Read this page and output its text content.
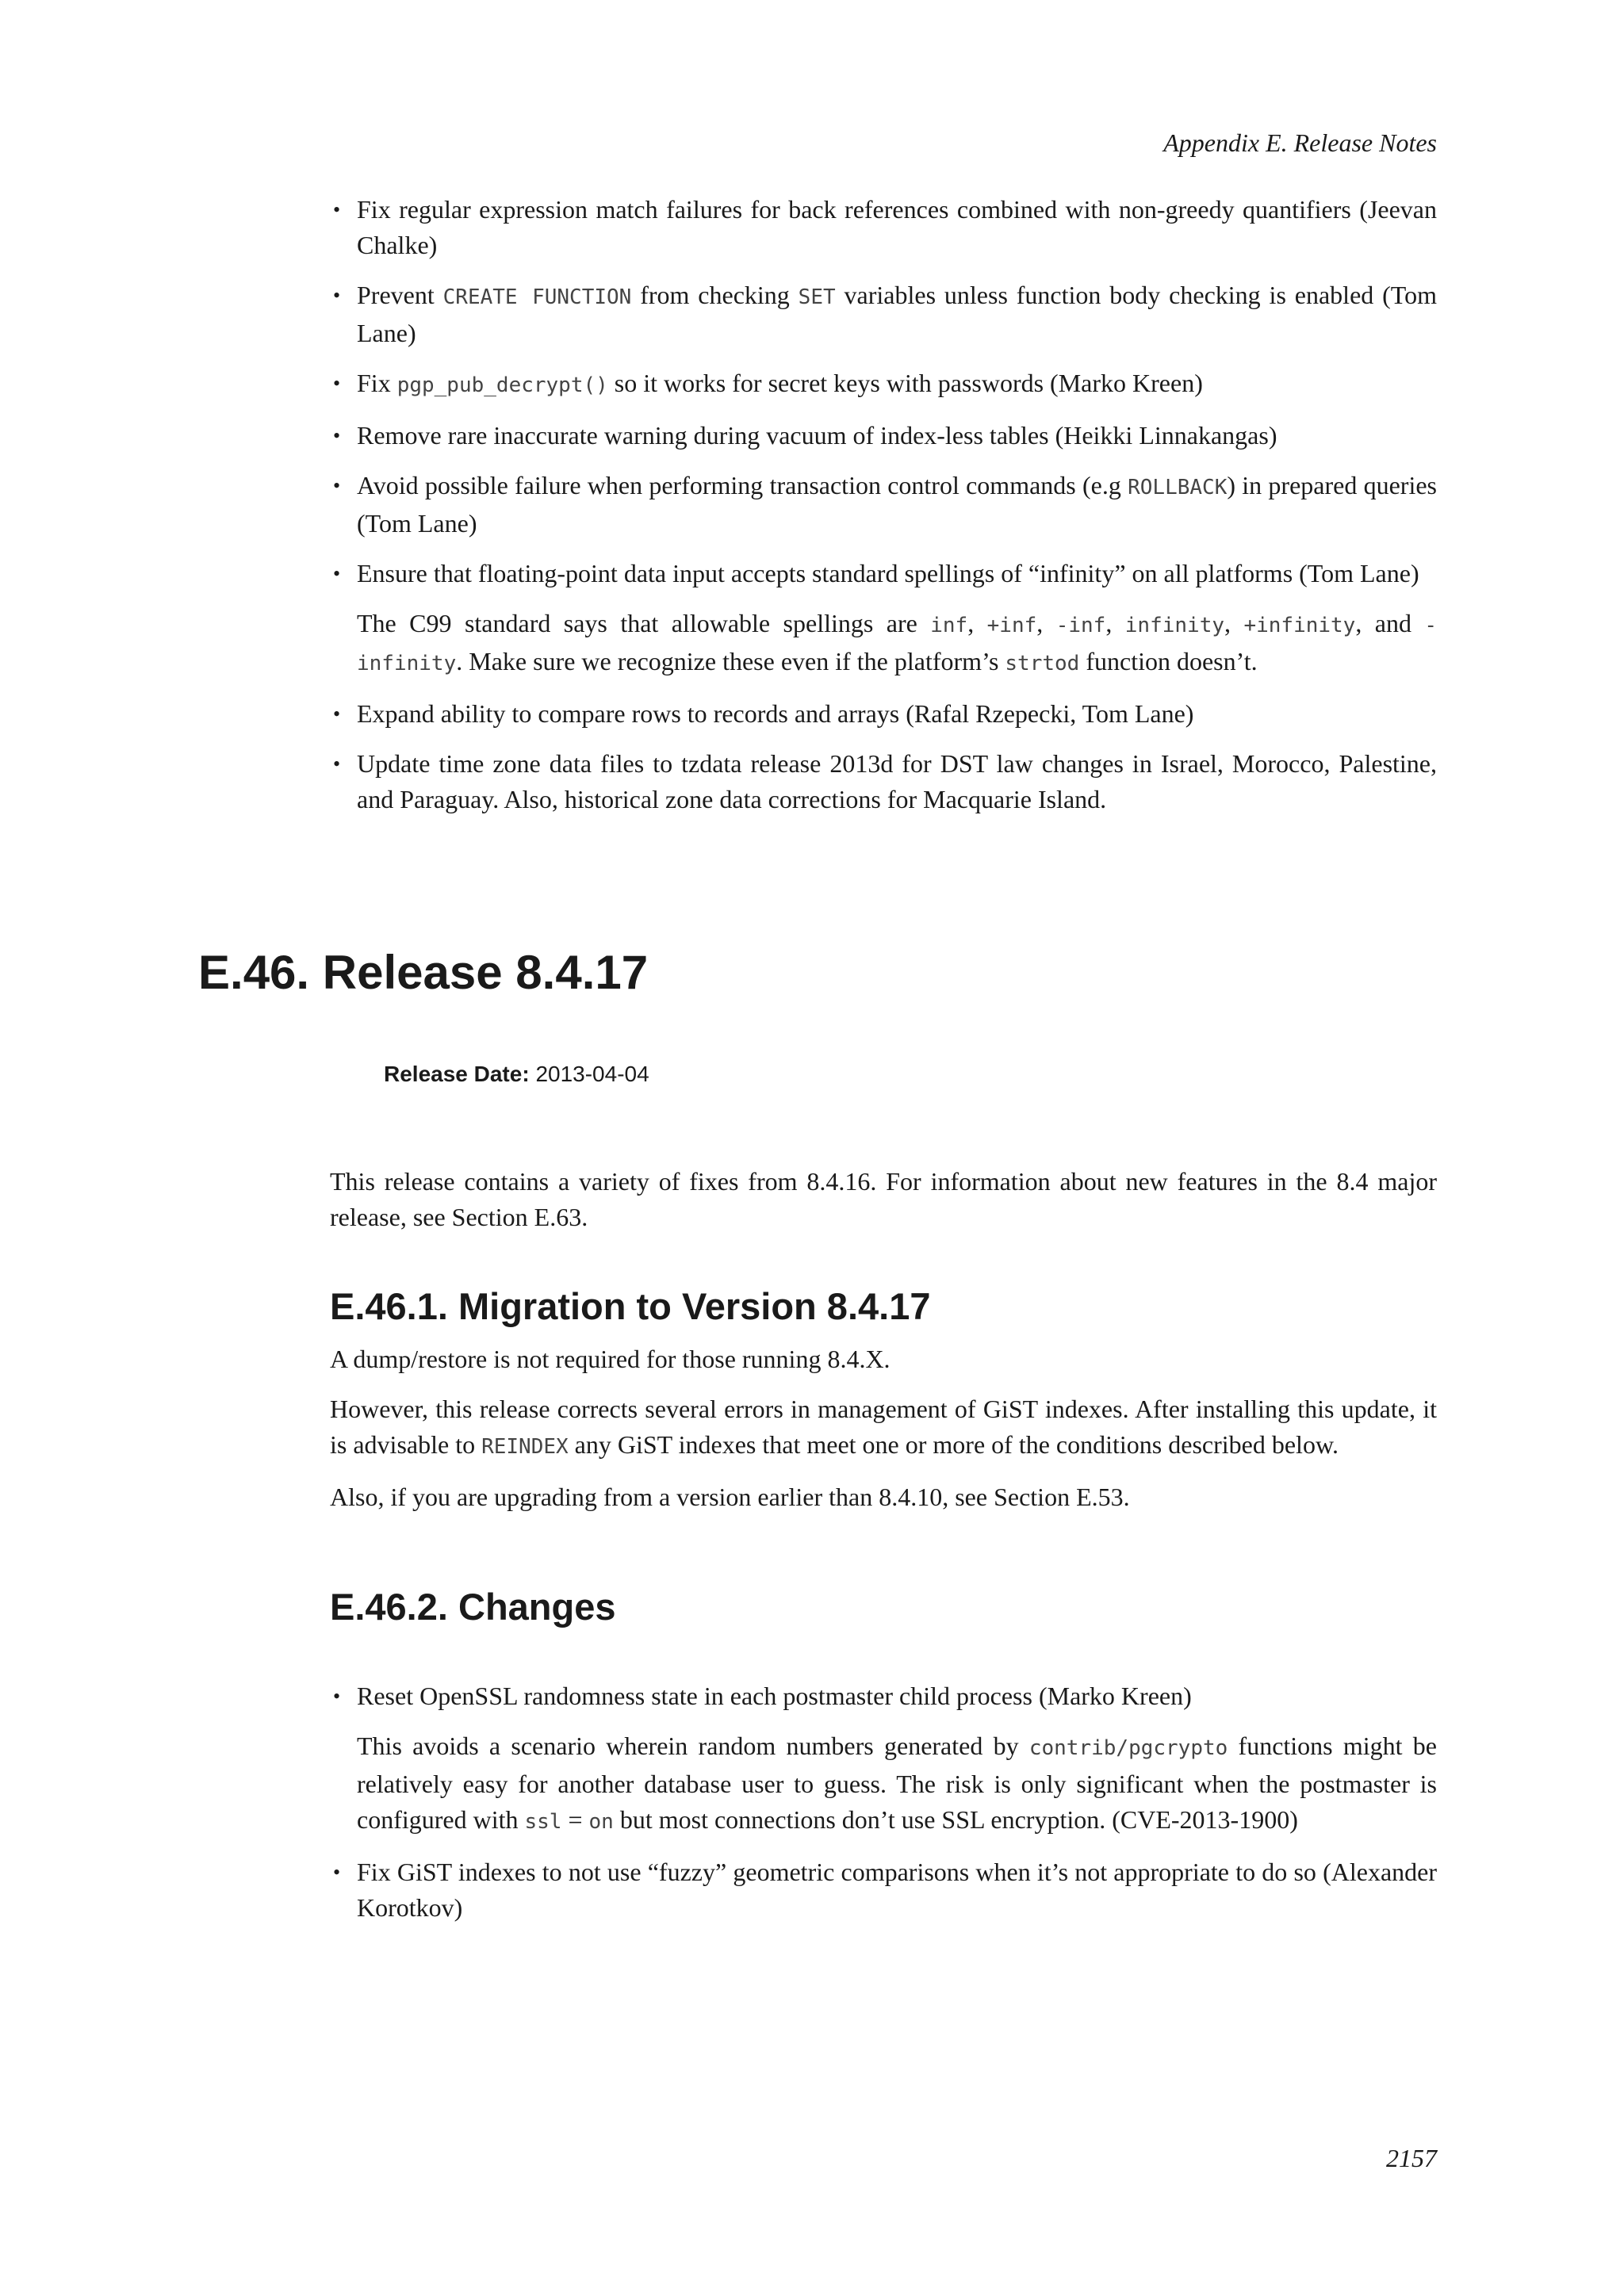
Appendix E. Release Notes
• Fix regular expression match failures for back references combined with non-greedy quantifiers (Jeevan Chalke)
• Prevent CREATE FUNCTION from checking SET variables unless function body checking is enabled (Tom Lane)
• Fix pgp_pub_decrypt() so it works for secret keys with passwords (Marko Kreen)
• Remove rare inaccurate warning during vacuum of index-less tables (Heikki Linnakangas)
• Avoid possible failure when performing transaction control commands (e.g ROLLBACK) in prepared queries (Tom Lane)
• Ensure that floating-point data input accepts standard spellings of “infinity” on all platforms (Tom Lane)

The C99 standard says that allowable spellings are inf, +inf, -inf, infinity, +infinity, and -infinity. Make sure we recognize these even if the platform’s strtod function doesn’t.

• Expand ability to compare rows to records and arrays (Rafal Rzepecki, Tom Lane)
• Update time zone data files to tzdata release 2013d for DST law changes in Israel, Morocco, Palestine, and Paraguay. Also, historical zone data corrections for Macquarie Island.
E.46. Release 8.4.17
Release Date: 2013-04-04

This release contains a variety of fixes from 8.4.16. For information about new features in the 8.4 major release, see Section E.63.

E.46.1. Migration to Version 8.4.17

A dump/restore is not required for those running 8.4.X.

However, this release corrects several errors in management of GiST indexes. After installing this update, it is advisable to REINDEX any GiST indexes that meet one or more of the conditions described below.

Also, if you are upgrading from a version earlier than 8.4.10, see Section E.53.

E.46.2. Changes
• Reset OpenSSL randomness state in each postmaster child process (Marko Kreen)

This avoids a scenario wherein random numbers generated by contrib/pgcrypto functions might be relatively easy for another database user to guess. The risk is only significant when the postmaster is configured with ssl = on but most connections don’t use SSL encryption. (CVE-2013-1900)

• Fix GiST indexes to not use “fuzzy” geometric comparisons when it’s not appropriate to do so (Alexander Korotkov)
2157
